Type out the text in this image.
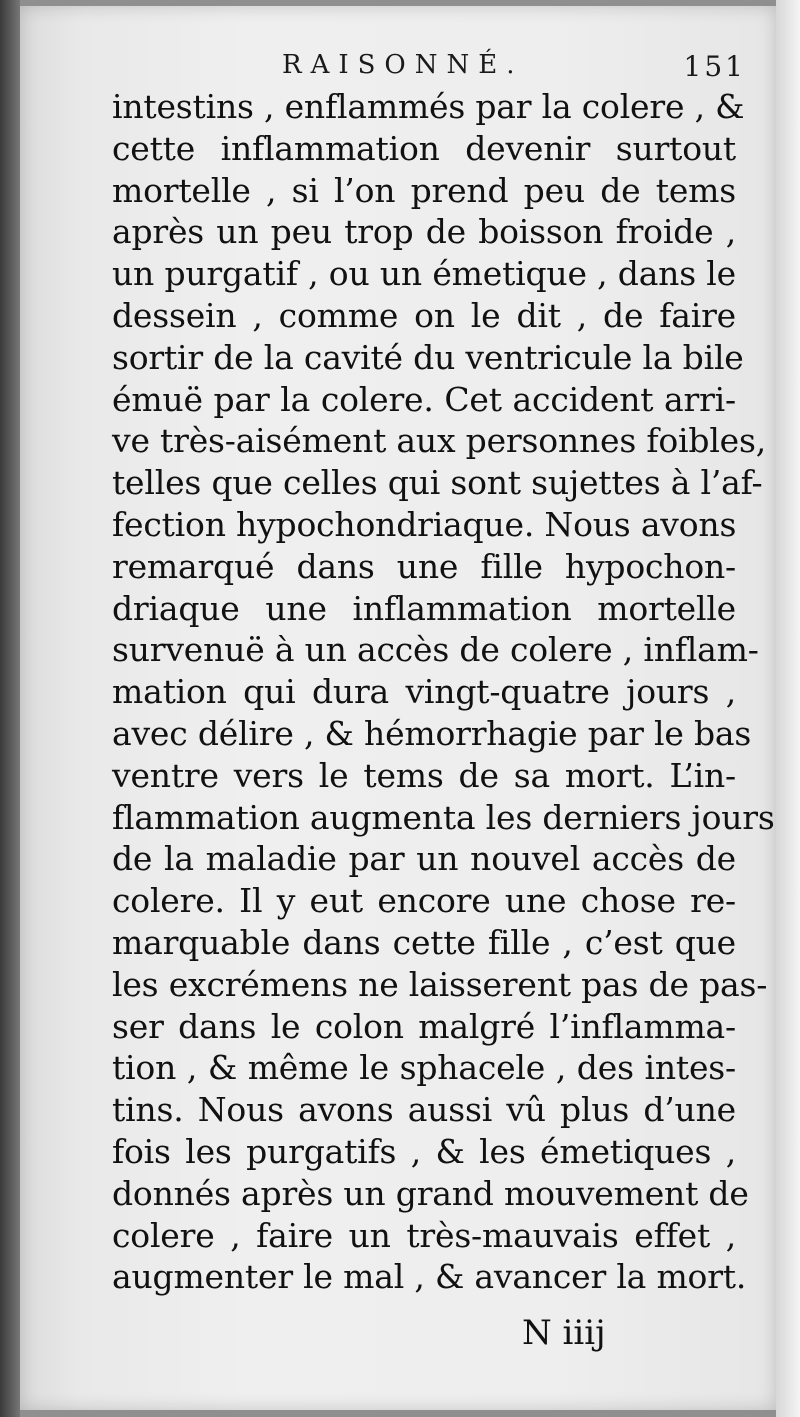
RAISONNÉ.	151
intestins , enflammés par la colere , &
cette inflammation devenir surtout
mortelle , si l’on prend peu de tems
après un peu trop de boisson froide ,
un purgatif , ou un émetique , dans le
dessein , comme on le dit , de faire
sortir de la cavité du ventricule la bile
émuë par la colere. Cet accident arri-
ve très-aisément aux personnes foibles,
telles que celles qui sont sujettes à l’af-
fection hypochondriaque. Nous avons
remarqué dans une fille hypochon-
driaque une inflammation mortelle
survenuë à un accès de colere , inflam-
mation qui dura vingt-quatre jours ,
avec délire , & hémorrhagie par le bas
ventre vers le tems de sa mort. L’in-
flammation augmenta les derniers jours
de la maladie par un nouvel accès de
colere. Il y eut encore une chose re-
marquable dans cette fille , c’est que
les excrémens ne laisserent pas de pas-
ser dans le colon malgré l’inflamma-
tion , & même le sphacele , des intes-
tins. Nous avons aussi vû plus d’une
fois les purgatifs , & les émetiques ,
donnés après un grand mouvement de
colere , faire un très-mauvais effet ,
augmenter le mal , & avancer la mort.
N iiij
